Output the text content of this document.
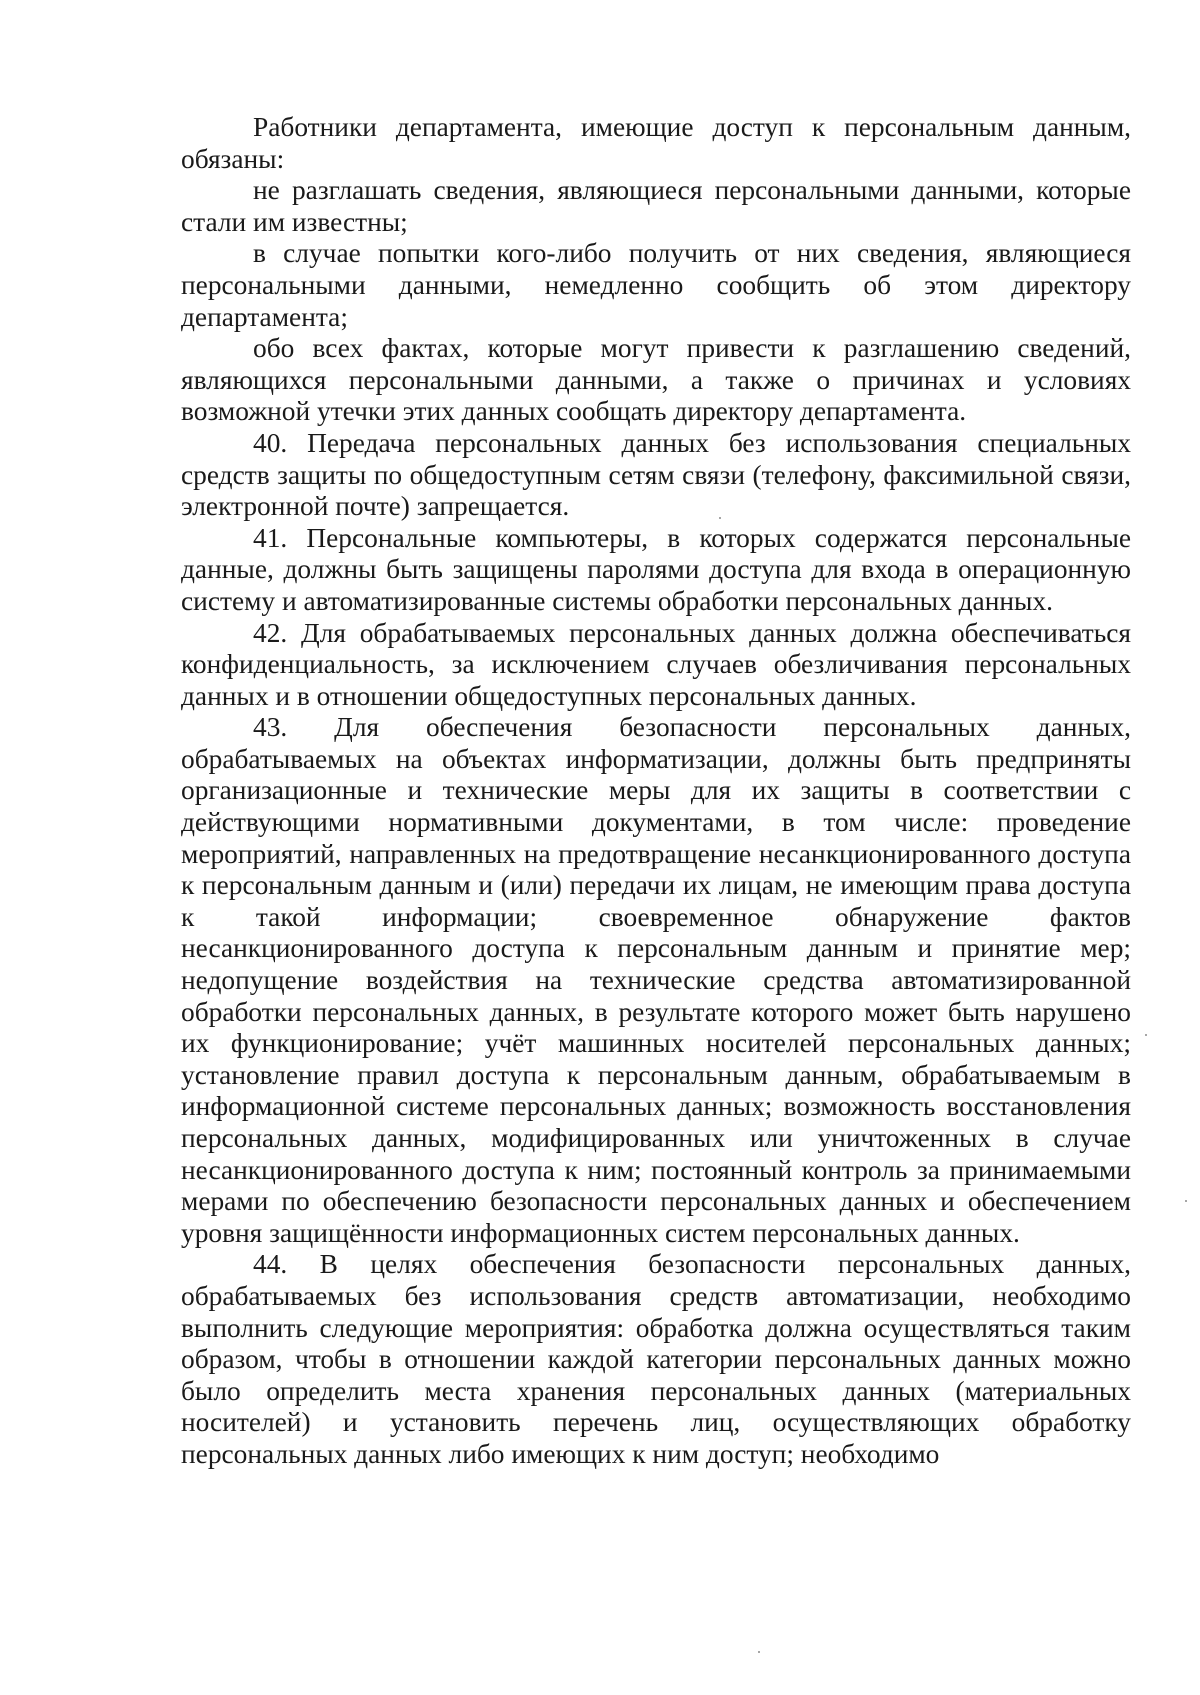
Работники департамента, имеющие доступ к персональным данным, обязаны:

не разглашать сведения, являющиеся персональными данными, которые стали им известны;

в случае попытки кого-либо получить от них сведения, являющиеся персональными данными, немедленно сообщить об этом директору департамента;

обо всех фактах, которые могут привести к разглашению сведений, являющихся персональными данными, а также о причинах и условиях возможной утечки этих данных сообщать директору департамента.

40. Передача персональных данных без использования специальных средств защиты по общедоступным сетям связи (телефону, факсимильной связи, электронной почте) запрещается.

41. Персональные компьютеры, в которых содержатся персональные данные, должны быть защищены паролями доступа для входа в операционную систему и автоматизированные системы обработки персональных данных.

42. Для обрабатываемых персональных данных должна обеспечиваться конфиденциальность, за исключением случаев обезличивания персональных данных и в отношении общедоступных персональных данных.

43. Для обеспечения безопасности персональных данных, обрабатываемых на объектах информатизации, должны быть предприняты организационные и технические меры для их защиты в соответствии с действующими нормативными документами, в том числе: проведение мероприятий, направленных на предотвращение несанкционированного доступа к персональным данным и (или) передачи их лицам, не имеющим права доступа к такой информации; своевременное обнаружение фактов несанкционированного доступа к персональным данным и принятие мер; недопущение воздействия на технические средства автоматизированной обработки персональных данных, в результате которого может быть нарушено их функционирование; учёт машинных носителей персональных данных; установление правил доступа к персональным данным, обрабатываемым в информационной системе персональных данных; возможность восстановления персональных данных, модифицированных или уничтоженных в случае несанкционированного доступа к ним; постоянный контроль за принимаемыми мерами по обеспечению безопасности персональных данных и обеспечением уровня защищённости информационных систем персональных данных.

44. В целях обеспечения безопасности персональных данных, обрабатываемых без использования средств автоматизации, необходимо выполнить следующие мероприятия: обработка должна осуществляться таким образом, чтобы в отношении каждой категории персональных данных можно было определить места хранения персональных данных (материальных носителей) и установить перечень лиц, осуществляющих обработку персональных данных либо имеющих к ним доступ; необходимо
